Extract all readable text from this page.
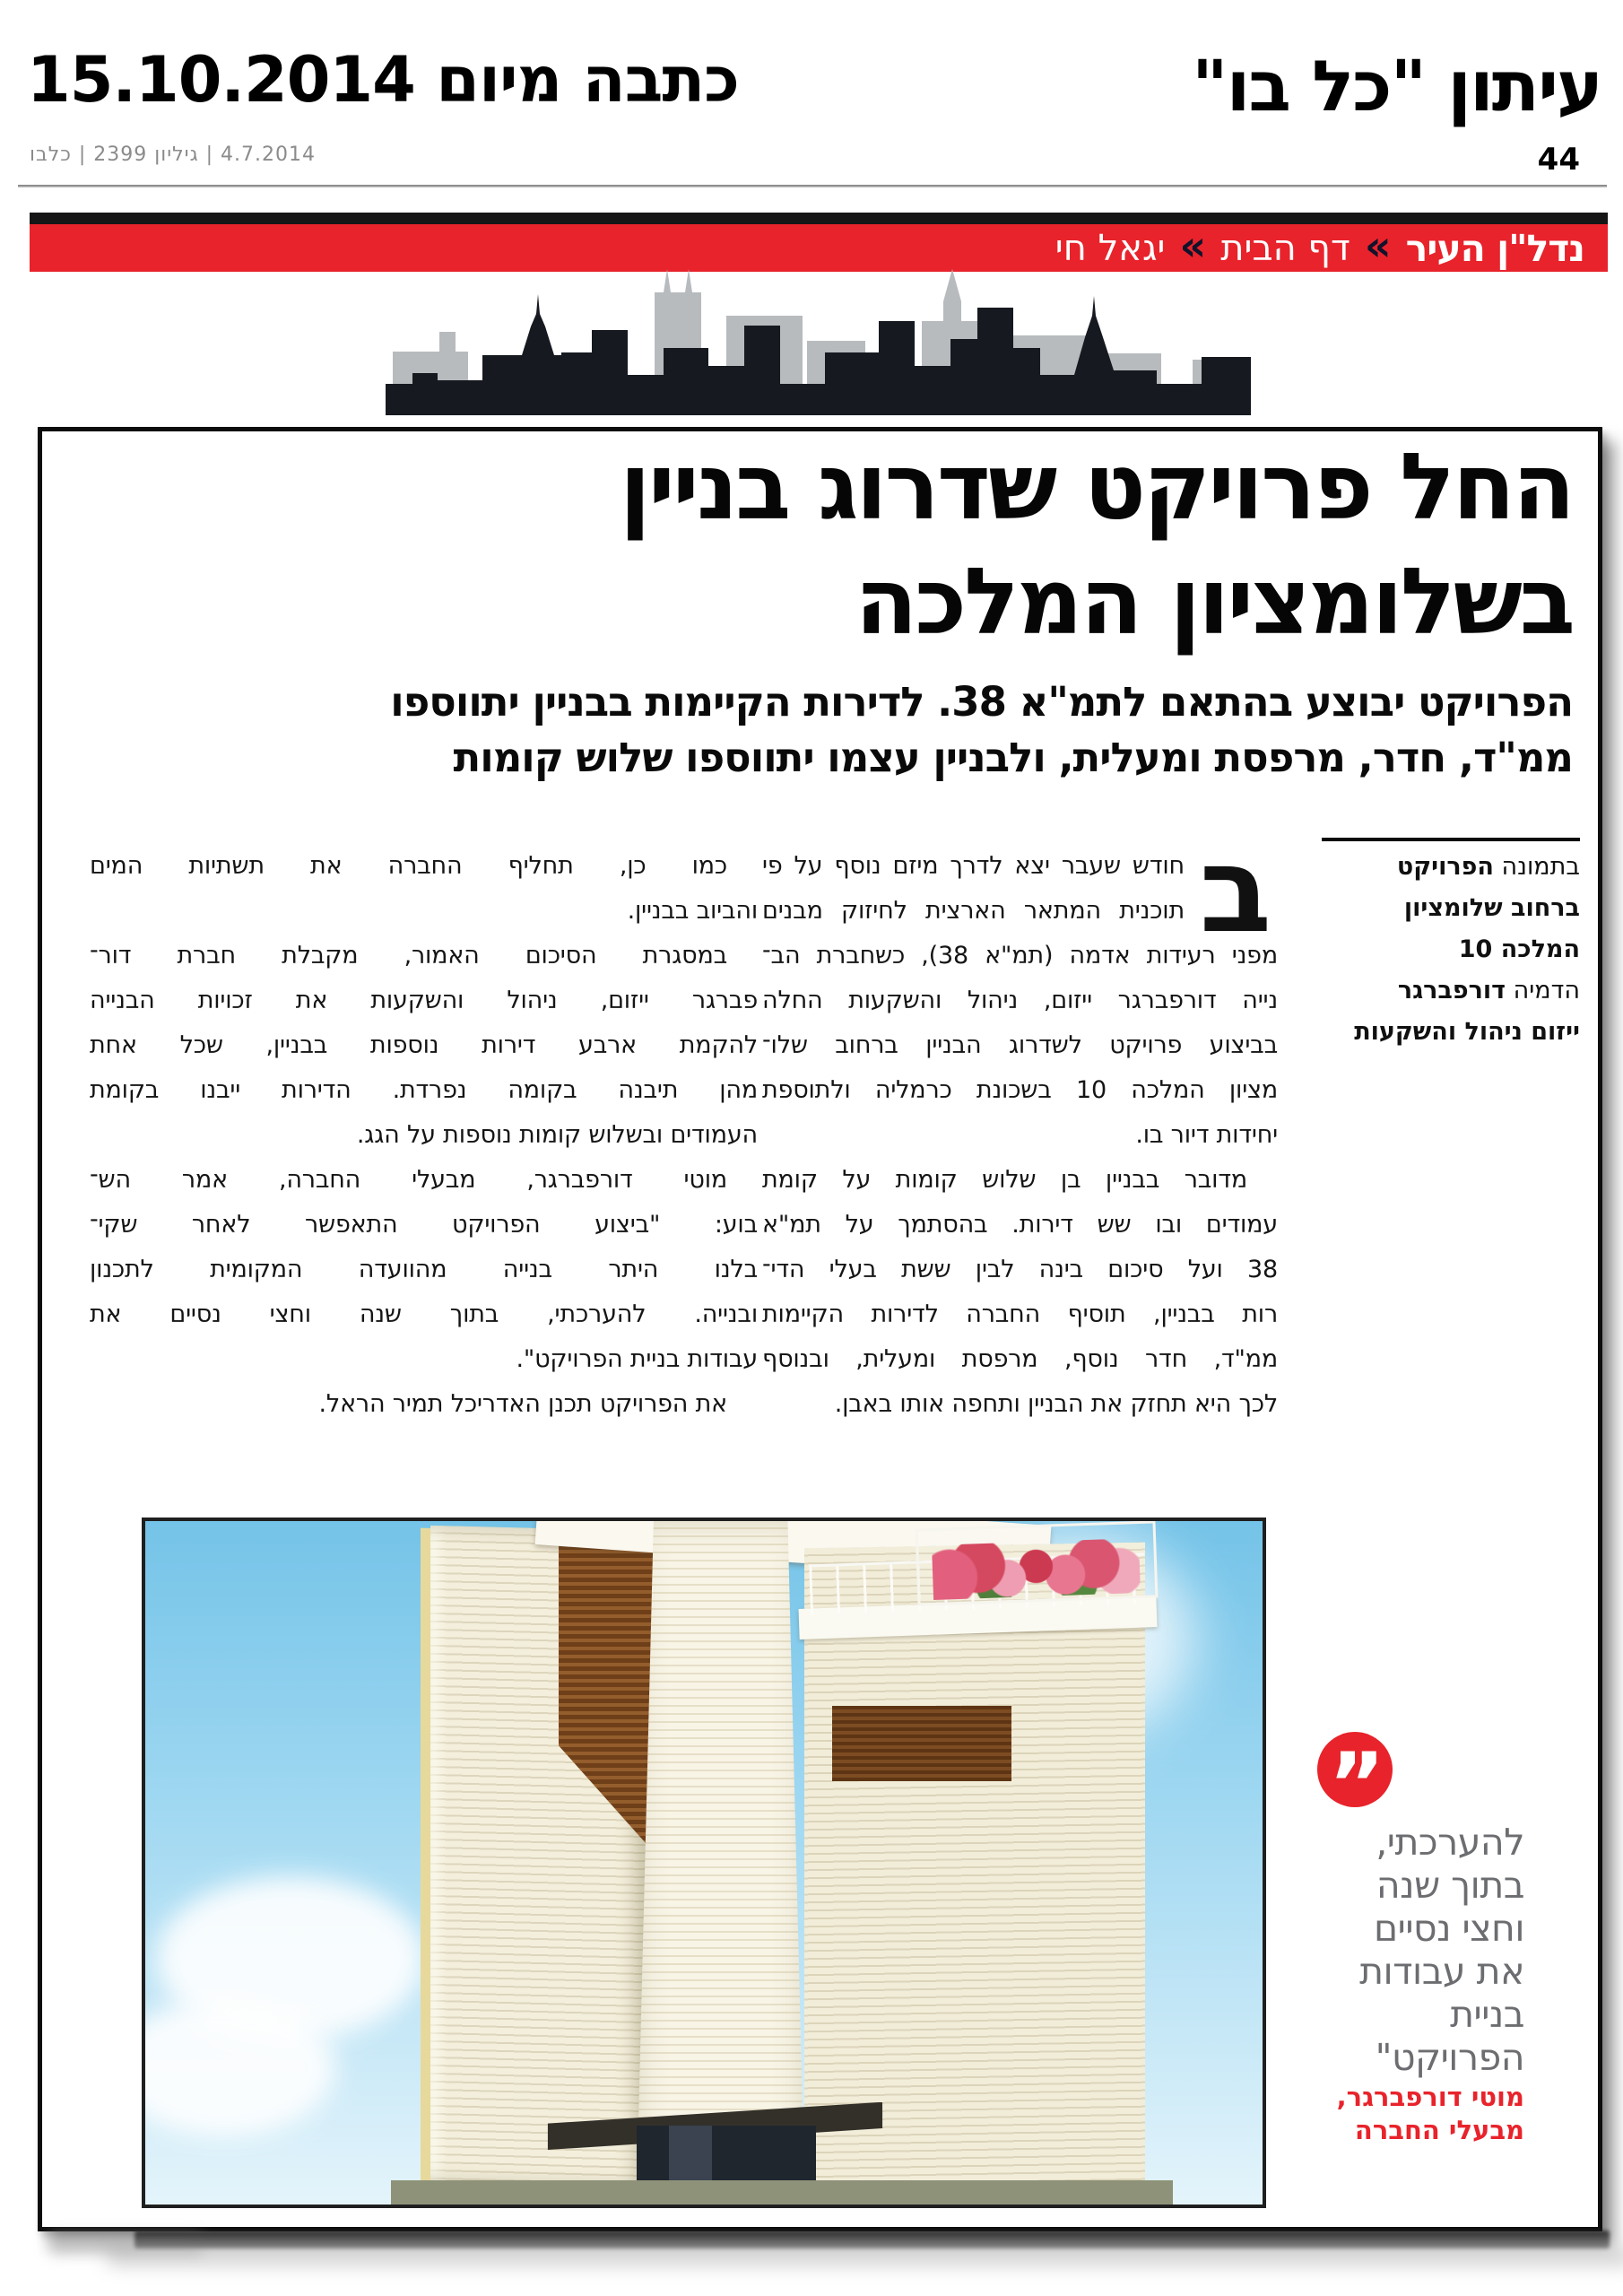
עיתון "כל בו"
כתבה מיום 15.10.2014
44
4.7.2014 | גיליון 2399 | כלבו
נדל"ן העיר
«
דף הבית
«
יגאל חי
החל פרויקט שדרוג בניין
בשלומציון המלכה
הפרויקט יבוצע בהתאם לתמ"א 38. לדירות הקיימות בבניין יתווספו
ממ"ד, חדר, מרפסת ומעלית, ולבניין עצמו יתווספו שלוש קומות
בתמונה הפרויקט
ברחוב שלומציון
המלכה 10
הדמיה דורפברגר
ייזום ניהול והשקעות
ב
חודש שעבר יצא לדרך מיזם נוסף על פי
תוכנית המתאר הארצית לחיזוק מבנים
מפני רעידות אדמה (תמ"א 38), כשחברת הב־
נייה דורפברגר ייזום, ניהול והשקעות החלה
בביצוע פרויקט לשדרוג הבניין ברחוב שלו־
מציון המלכה 10 בשכונת כרמליה ולתוספת
יחידות דיור בו.
מדובר בבניין בן שלוש קומות על קומת
עמודים ובו שש דירות. בהסתמך על תמ"א
38 ועל סיכום בינה לבין ששת בעלי הדי־
רות בבניין, תוסיף החברה לדירות הקיימות
ממ"ד, חדר נוסף, מרפסת ומעלית, ובנוסף
לכך היא תחזק את הבניין ותחפה אותו באבן.
כמו כן, תחליף החברה את תשתיות המים
והביוב בבניין.
במסגרת הסיכום האמור, מקבלת חברת דור־
פברגר ייזום, ניהול והשקעות את זכויות הבנייה
להקמת ארבע דירות נוספות בבניין, שכל אחת
מהן תיבנה בקומה נפרדת. הדירות ייבנו בקומת
העמודים ובשלוש קומות נוספות על הגג.
מוטי דורפברגר, מבעלי החברה, אמר הש־
בוע: "ביצוע הפרויקט התאפשר לאחר שקי־
בלנו היתר בנייה מהוועדה המקומית לתכנון
ובנייה. להערכתי, בתוך שנה וחצי נסיים את
עבודות בניית הפרויקט".
את הפרויקט תכנן האדריכל תמיר הראל.
”
להערכתי,
בתוך שנה
וחצי נסיים
את עבודות
בניית
הפרויקט"
מוטי דורפברגר,
מבעלי החברה
